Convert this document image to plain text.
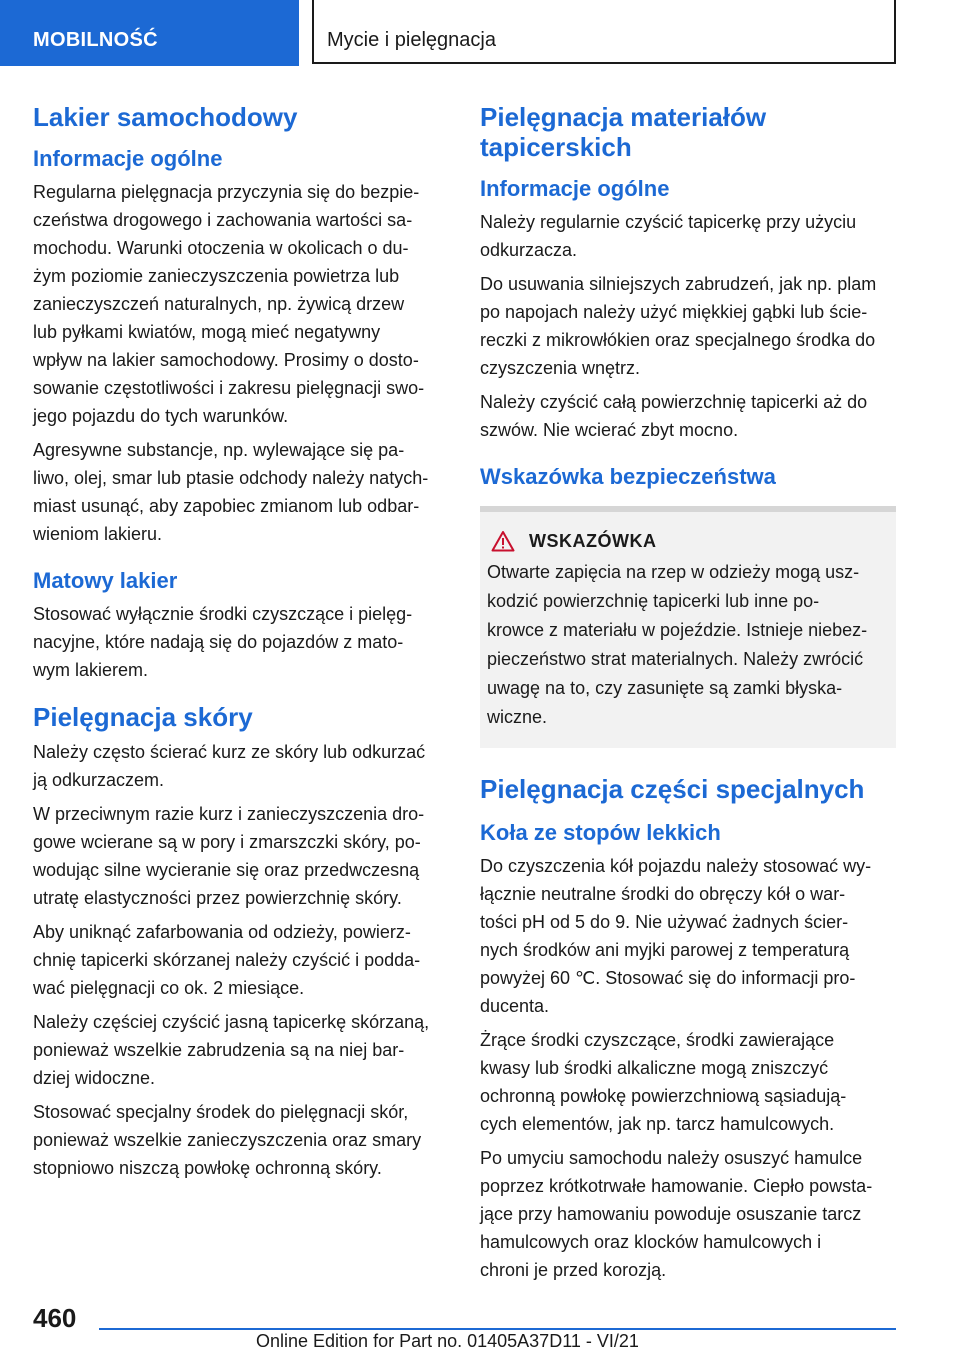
MOBILNOŚĆ	Mycie i pielęgnacja
Lakier samochodowy
Informacje ogólne

Regularna pielęgnacja przyczynia się do bezpie-
czeństwa drogowego i zachowania wartości sa-
mochodu. Warunki otoczenia w okolicach o du-
żym poziomie zanieczyszczenia powietrza lub
zanieczyszczeń naturalnych, np. żywicą drzew
lub pyłkami kwiatów, mogą mieć negatywny
wpływ na lakier samochodowy. Prosimy o dosto-
sowanie częstotliwości i zakresu pielęgnacji swo-
jego pojazdu do tych warunków.

Agresywne substancje, np. wylewające się pa-
liwo, olej, smar lub ptasie odchody należy natych-
miast usunąć, aby zapobiec zmianom lub odbar-
wieniom lakieru.

Matowy lakier

Stosować wyłącznie środki czyszczące i pielęg-
nacyjne, które nadają się do pojazdów z mato-
wym lakierem.

Pielęgnacja skóry

Należy często ścierać kurz ze skóry lub odkurzać
ją odkurzaczem.

W przeciwnym razie kurz i zanieczyszczenia dro-
gowe wcierane są w pory i zmarszczki skóry, po-
wodując silne wycieranie się oraz przedwczesną
utratę elastyczności przez powierzchnię skóry.

Aby uniknąć zafarbowania od odzieży, powierz-
chnię tapicerki skórzanej należy czyścić i podda-
wać pielęgnacji co ok. 2 miesiące.

Należy częściej czyścić jasną tapicerkę skórzaną,
ponieważ wszelkie zabrudzenia są na niej bar-
dziej widoczne.

Stosować specjalny środek do pielęgnacji skór,
ponieważ wszelkie zanieczyszczenia oraz smary
stopniowo niszczą powłokę ochronną skóry.

Pielęgnacja materiałów
tapicerskich
Informacje ogólne

Należy regularnie czyścić tapicerkę przy użyciu
odkurzacza.

Do usuwania silniejszych zabrudzeń, jak np. plam
po napojach należy użyć miękkiej gąbki lub ście-
reczki z mikrowłókien oraz specjalnego środka do
czyszczenia wnętrz.

Należy czyścić całą powierzchnię tapicerki aż do
szwów. Nie wcierać zbyt mocno.

Wskazówka bezpieczeństwa
WSKAZÓWKA

Otwarte zapięcia na rzep w odzieży mogą usz-
kodzić powierzchnię tapicerki lub inne po-
krowce z materiału w pojeździe. Istnieje niebez-
pieczeństwo strat materialnych. Należy zwrócić
uwagę na to, czy zasunięte są zamki błyska-
wiczne.

Pielęgnacja części specjalnych
Koła ze stopów lekkich

Do czyszczenia kół pojazdu należy stosować wy-
łącznie neutralne środki do obręczy kół o war-
tości pH od 5 do 9. Nie używać żadnych ścier-
nych środków ani myjki parowej z temperaturą
powyżej 60 ℃. Stosować się do informacji pro-
ducenta.

Żrące środki czyszczące, środki zawierające
kwasy lub środki alkaliczne mogą zniszczyć
ochronną powłokę powierzchniową sąsiadują-
cych elementów, jak np. tarcz hamulcowych.

Po umyciu samochodu należy osuszyć hamulce
poprzez krótkotrwałe hamowanie. Ciepło powsta-
jące przy hamowaniu powoduje osuszanie tarcz
hamulcowych oraz klocków hamulcowych i
chroni je przed korozją.

460
Online Edition for Part no. 01405A37D11 - VI/21
